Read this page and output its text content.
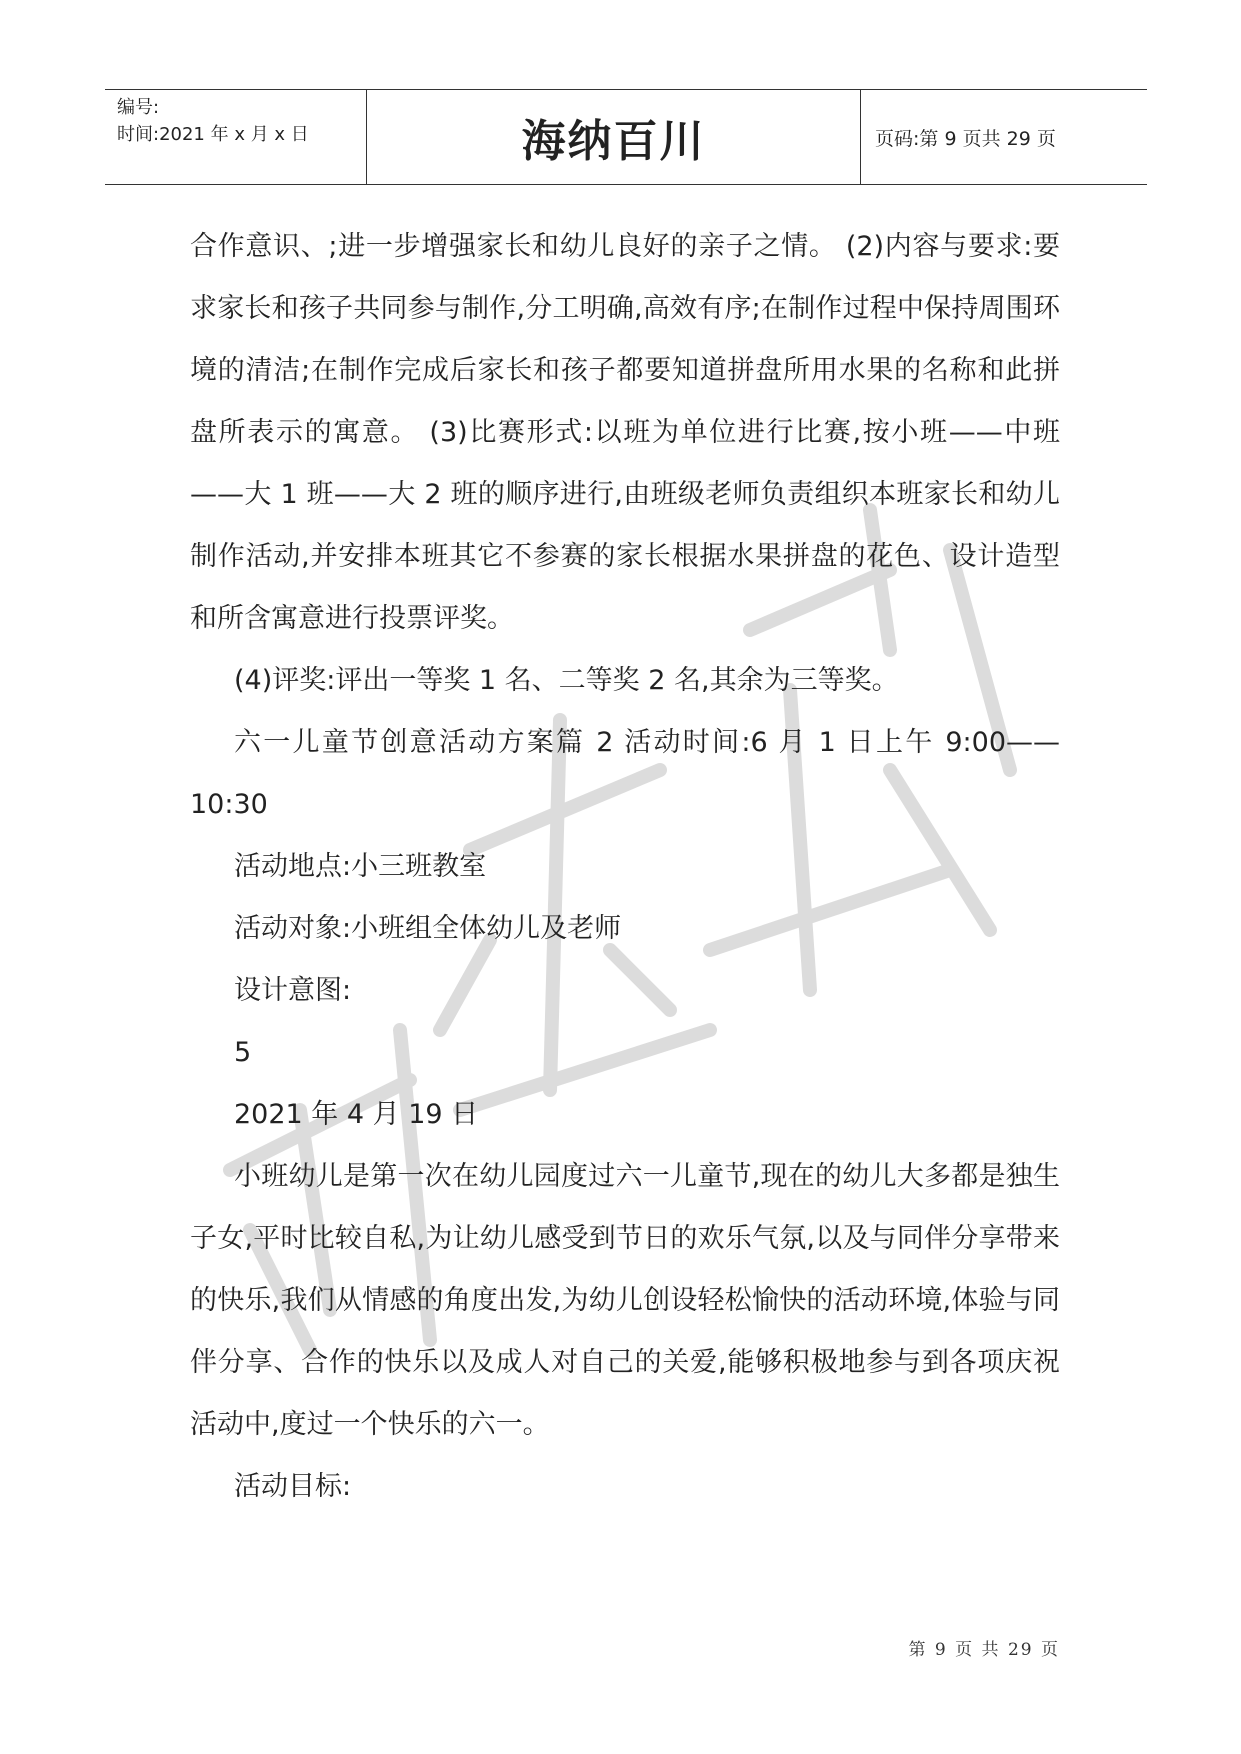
编号:
时间:2021 年 x 月 x 日	海纳百川	页码:第 9 页共 29 页

合作意识、;进一步增强家长和幼儿良好的亲子之情。 (2)内容与要求:要求家长和孩子共同参与制作,分工明确,高效有序;在制作过程中保持周围环境的清洁;在制作完成后家长和孩子都要知道拼盘所用水果的名称和此拼盘所表示的寓意。 (3)比赛形式:以班为单位进行比赛,按小班——中班——大 1 班——大 2 班的顺序进行,由班级老师负责组织本班家长和幼儿制作活动,并安排本班其它不参赛的家长根据水果拼盘的花色、设计造型和所含寓意进行投票评奖。

(4)评奖:评出一等奖 1 名、二等奖 2 名,其余为三等奖。

六一儿童节创意活动方案篇 2 活动时间:6 月 1 日上午 9:00——10:30

活动地点:小三班教室

活动对象:小班组全体幼儿及老师

设计意图:

5

2021 年 4 月 19 日

小班幼儿是第一次在幼儿园度过六一儿童节,现在的幼儿大多都是独生子女,平时比较自私,为让幼儿感受到节日的欢乐气氛,以及与同伴分享带来的快乐,我们从情感的角度出发,为幼儿创设轻松愉快的活动环境,体验与同伴分享、合作的快乐以及成人对自己的关爱,能够积极地参与到各项庆祝活动中,度过一个快乐的六一。

活动目标:

第 9 页 共 29 页
